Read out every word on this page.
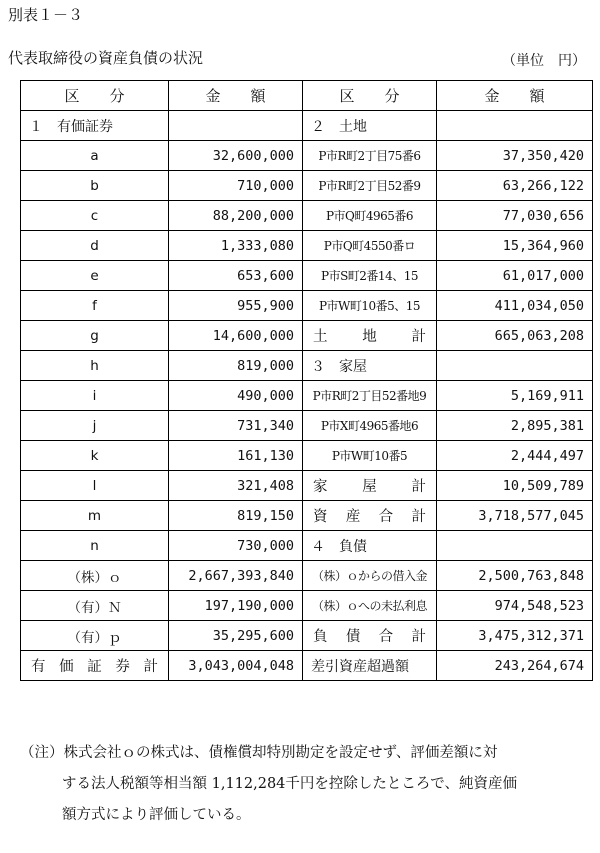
別表１－３
代表取締役の資産負債の状況	（単位　円）
区　　分	金　　額	区　　分	金　　額
１　有価証券		２　土地	
a	32,600,000	P市R町2丁目75番6	37,350,420
b	710,000	P市R町2丁目52番9	63,266,122
c	88,200,000	P市Q町4965番6	77,030,656
d	1,333,080	P市Q町4550番ロ	15,364,960
e	653,600	P市S町2番14、15	61,017,000
f	955,900	P市W町10番5、15	411,034,050
g	14,600,000	土地計	665,063,208
h	819,000	３　家屋	
i	490,000	P市R町2丁目52番地9	5,169,911
j	731,340	P市X町4965番地6	2,895,381
k	161,130	P市W町10番5	2,444,497
l	321,408	家屋計	10,509,789
m	819,150	資産合計	3,718,577,045
n	730,000	４　負債	
（株）ｏ	2,667,393,840	（株）ｏからの借入金	2,500,763,848
（有）Ｎ	197,190,000	（株）ｏへの未払利息	974,548,523
（有）ｐ	35,295,600	負債合計	3,475,312,371
有価証券計	3,043,004,048	差引資産超過額	243,264,674
（注）株式会社ｏの株式は、債権償却特別勘定を設定せず、評価差額に対
する法人税額等相当額 1,112,284千円を控除したところで、純資産価
額方式により評価している。
